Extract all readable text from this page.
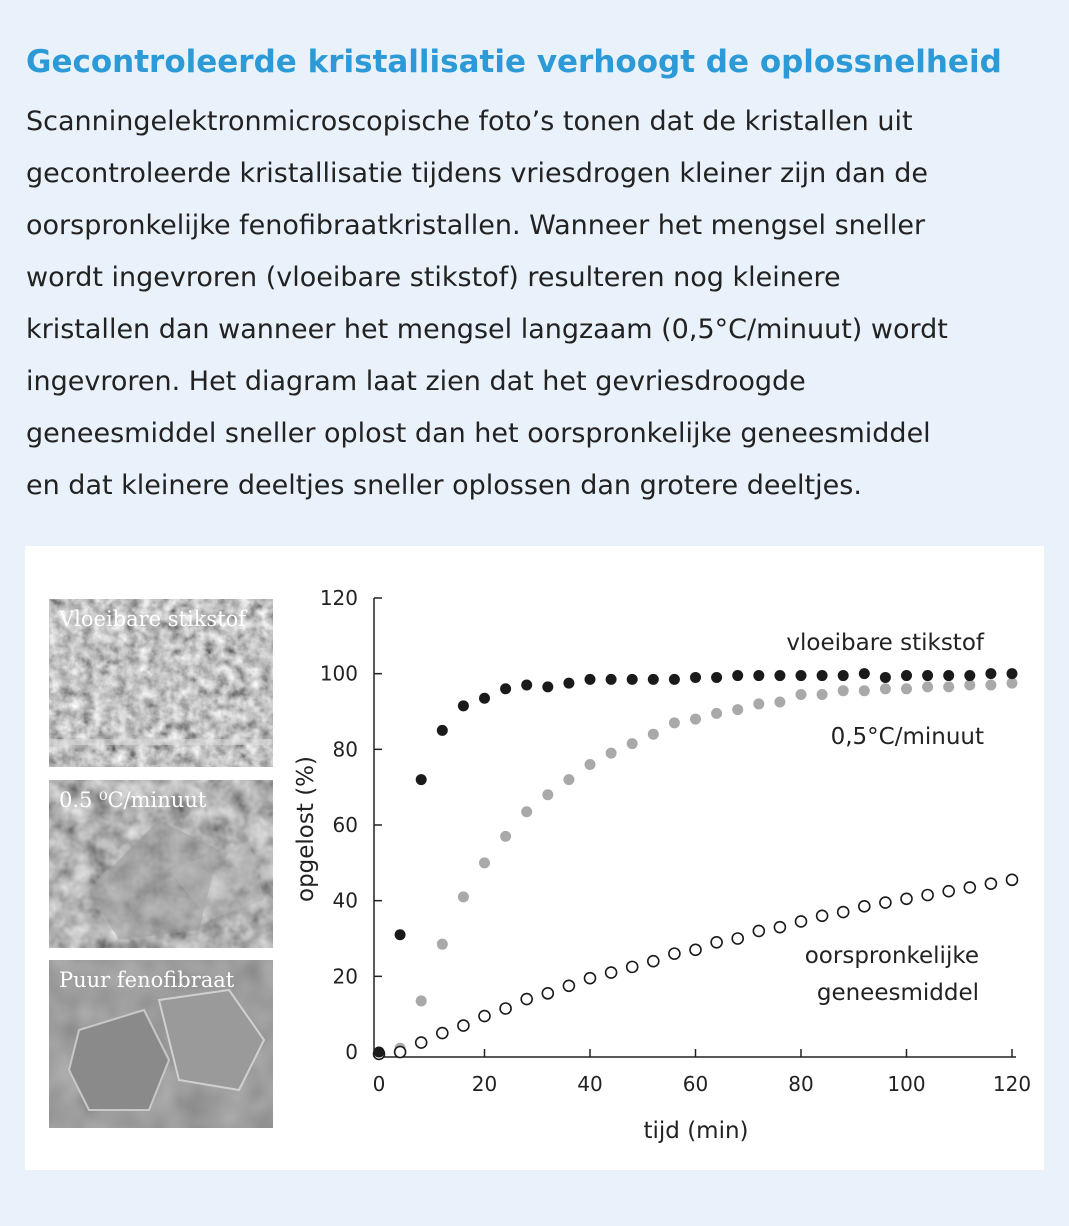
Gecontroleerde kristallisatie verhoogt de oplossnelheid
Scanningelektronmicroscopische foto’s tonen dat de kristallen uit
gecontroleerde kristallisatie tijdens vriesdrogen kleiner zijn dan de
oorspronkelijke fenofibraatkristallen. Wanneer het mengsel sneller
wordt ingevroren (vloeibare stikstof) resulteren nog kleinere
kristallen dan wanneer het mengsel langzaam (0,5°C/minuut) wordt
ingevroren. Het diagram laat zien dat het gevriesdroogde
geneesmiddel sneller oplost dan het oorspronkelijke geneesmiddel
en dat kleinere deeltjes sneller oplossen dan grotere deeltjes.
Vloeibare stikstof
0.5 ⁰C/minuut
Puur fenofibraat
0	20	40	60	80	100	120
0
20
40
60
80
100
120
tijd (min)
opgelost (%)
vloeibare stikstof
0,5°C/minuut
oorspronkelijke
geneesmiddel
